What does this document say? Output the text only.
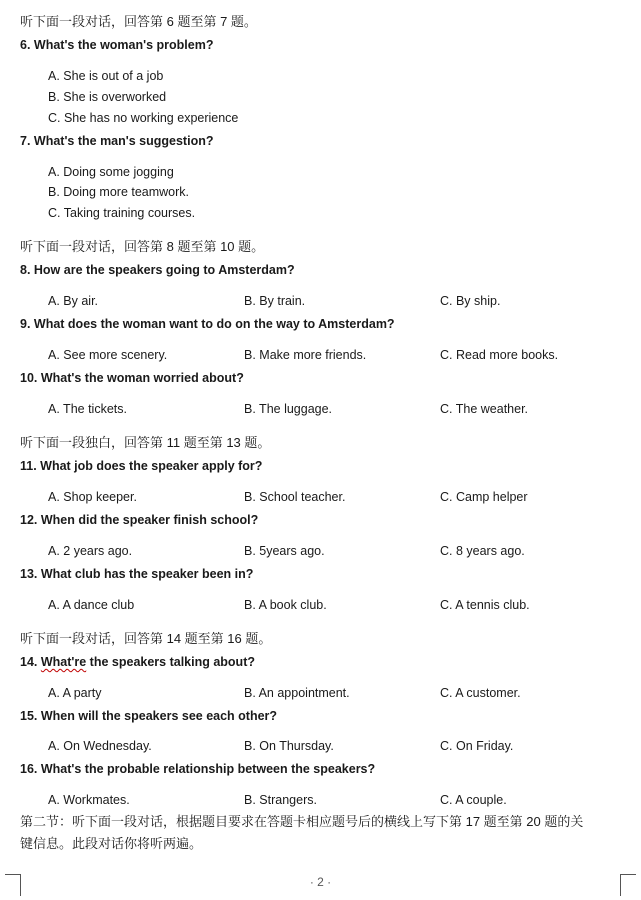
听下面一段对话，回答第 6 题至第 7 题。
6. What's the woman's problem?
A. She is out of a job
B. She is overworked
C. She has no working experience
7. What's the man's suggestion?
A. Doing some jogging
B. Doing more teamwork.
C. Taking training courses.
听下面一段对话，回答第 8 题至第 10 题。
8. How are the speakers going to Amsterdam?
A. By air.	B. By train.	C. By ship.
9. What does the woman want to do on the way to Amsterdam?
A. See more scenery.	B. Make more friends.	C. Read more books.
10. What's the woman worried about?
A. The tickets.	B. The luggage.	C. The weather.
听下面一段独白，回答第 11 题至第 13 题。
11. What job does the speaker apply for?
A. Shop keeper.	B. School teacher.	C. Camp helper
12. When did the speaker finish school?
A. 2 years ago.	B. 5years ago.	C. 8 years ago.
13. What club has the speaker been in?
A. A dance club	B. A book club.	C. A tennis club.
听下面一段对话，回答第 14 题至第 16 题。
14. What're the speakers talking about?
A. A party	B. An appointment.	C. A customer.
15. When will the speakers see each other?
A. On Wednesday.	B. On Thursday.	C. On Friday.
16. What's the probable relationship between the speakers?
A. Workmates.	B. Strangers.	C. A couple.
第二节：听下面一段对话，根据题目要求在答题卡相应题号后的横线上写下第 17 题至第 20 题的关
键信息。此段对话你将听两遍。
· 2 ·
